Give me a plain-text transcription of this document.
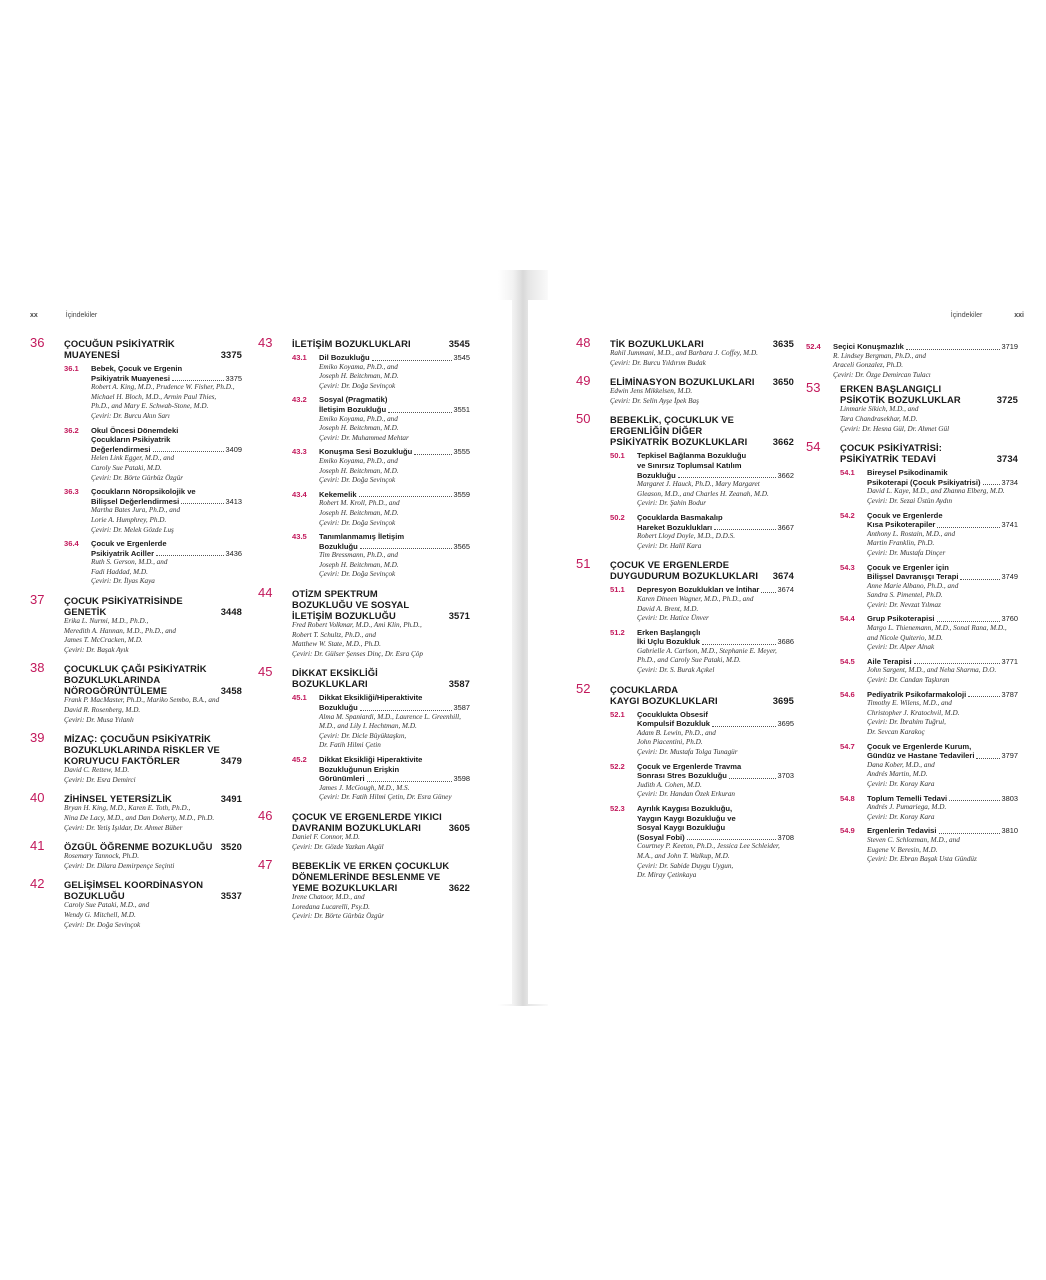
xx	İçindekiler
36 ÇOCUĞUN PSİKİYATRİK
MUAYENESİ	3375
36.1 Bebek, Çocuk ve Ergenin
Psikiyatrik Muayenesi	3375
Robert A. King, M.D., Prudence W. Fisher, Ph.D.,
Michael H. Bloch, M.D., Armin Paul Thies,
Ph.D., and Mary E. Schwab-Stone, M.D.
Çeviri: Dr. Burcu Akın Sarı
36.2 Okul Öncesi Dönemdeki
Çocukların Psikiyatrik
Değerlendirmesi	3409
Helen Link Egger, M.D., and
Caroly Sue Pataki, M.D.
Çeviri: Dr. Börte Gürbüz Özgür
36.3 Çocukların Nöropsikolojik ve
Bilişsel Değerlendirmesi	3413
Martha Bates Jura, Ph.D., and
Lorie A. Humphrey, Ph.D.
Çeviri: Dr. Melek Gözde Luş
36.4 Çocuk ve Ergenlerde
Psikiyatrik Aciller	3436
Ruth S. Gerson, M.D., and
Fadi Haddad, M.D.
Çeviri: Dr. İlyas Kaya
37 ÇOCUK PSİKİYATRİSİNDE GENETİK	3448
Erika L. Nurmi, M.D., Ph.D.,
Meredith A. Hannan, M.D., Ph.D., and
James T. McCracken, M.D.
Çeviri: Dr. Başak Ayık
38 ÇOCUKLUK ÇAĞI PSİKİYATRİK
BOZUKLUKLARINDA
NÖROGÖRÜNTÜLEME	3458
Frank P. MacMaster, Ph.D., Mariko Sembo, B.A., and
David R. Rosenberg, M.D.
Çeviri: Dr. Musa Yılanlı
39 MİZAÇ: ÇOCUĞUN PSİKİYATRİK
BOZUKLUKLARINDA RİSKLER VE
KORUYUCU FAKTÖRLER	3479
David C. Rettew, M.D.
Çeviri: Dr. Esra Demirci
40 ZİHİNSEL YETERSİZLİK	3491
Bryan H. King, M.D., Karen E. Toth, Ph.D.,
Nina De Lacy, M.D., and Dan Doherty, M.D., Ph.D.
Çeviri: Dr. Yetiş Işıldar, Dr. Ahmet Büber
41 ÖZGÜL ÖĞRENME BOZUKLUĞU 3520
Rosemary Tannock, Ph.D.
Çeviri: Dr. Dilara Demirpençe Seçinti
42 GELİŞİMSEL KOORDİNASYON
BOZUKLUĞU	3537
Caroly Sue Pataki, M.D., and
Wendy G. Mitchell, M.D.
Çeviri: Dr. Doğa Sevinçok
43 İLETİŞİM BOZUKLUKLARI	3545
43.1 Dil Bozukluğu	3545
Emiko Koyama, Ph.D., and
Joseph H. Beitchman, M.D.
Çeviri: Dr. Doğa Sevinçok
43.2 Sosyal (Pragmatik)
İletişim Bozukluğu	3551
Emiko Koyama, Ph.D., and
Joseph H. Beitchman, M.D.
Çeviri: Dr. Muhammed Mehtar
43.3 Konuşma Sesi Bozukluğu	3555
Emiko Koyama, Ph.D., and
Joseph H. Beitchman, M.D.
Çeviri: Dr. Doğa Sevinçok
43.4 Kekemelik	3559
Robert M. Kroll, Ph.D., and
Joseph H. Beitchman, M.D.
Çeviri: Dr. Doğa Sevinçok
43.5 Tanımlanmamış İletişim
Bozukluğu	3565
Tim Bressmann, Ph.D., and
Joseph H. Beitchman, M.D.
Çeviri: Dr. Doğa Sevinçok
44 OTİZM SPEKTRUM
BOZUKLUĞU VE SOSYAL
İLETİŞİM BOZUKLUĞU	3571
Fred Robert Volkmar, M.D., Ami Klin, Ph.D.,
Robert T. Schultz, Ph.D., and
Matthew W. State, M.D., Ph.D.
Çeviri: Dr. Gülser Şenses Dinç, Dr. Esra Çöp
45 DİKKAT EKSİKLİĞİ BOZUKLUKLARI	3587
45.1 Dikkat Eksikliği/Hiperaktivite
Bozukluğu	3587
Alma M. Spaniardi, M.D., Laurence L. Greenhill,
M.D., and Lily I. Hechtman, M.D.
Çeviri: Dr. Dicle Büyüktaşkın,
Dr. Fatih Hilmi Çetin
45.2 Dikkat Eksikliği Hiperaktivite
Bozukluğunun Erişkin
Görünümleri	3598
James J. McGough, M.D., M.S.
Çeviri: Dr. Fatih Hilmi Çetin, Dr. Esra Güney
46 ÇOCUK VE ERGENLERDE YIKICI
DAVRANIM BOZUKLUKLARI	3605
Daniel F. Connor, M.D.
Çeviri: Dr. Gözde Yazkan Akgül
47 BEBEKLİK VE ERKEN ÇOCUKLUK
DÖNEMLERİNDE BESLENME VE
YEME BOZUKLUKLARI	3622
Irene Chatoor, M.D., and
Loredana Lucarelli, Psy.D.
Çeviri: Dr. Börte Gürbüz Özgür
İçindekiler	xxi
48 TİK BOZUKLUKLARI	3635
Rahil Jummani, M.D., and Barbara J. Coffey, M.D.
Çeviri: Dr. Burcu Yıldırım Budak
49 ELİMİNASYON BOZUKLUKLARI 3650
Edwin Jens Mikkelsen, M.D.
Çeviri: Dr. Selin Ayşe İpek Baş
50 BEBEKLİK, ÇOCUKLUK VE
ERGENLİĞİN DİĞER
PSİKİYATRİK BOZUKLUKLARI	3662
50.1 Tepkisel Bağlanma Bozukluğu
ve Sınırsız Toplumsal Katılım
Bozukluğu	3662
Margaret J. Hauck, Ph.D., Mary Margaret
Gleason, M.D., and Charles H. Zeanah, M.D.
Çeviri: Dr. Şahin Bodur
50.2 Çocuklarda Basmakalıp
Hareket Bozuklukları	3667
Robert Lloyd Doyle, M.D., D.D.S.
Çeviri: Dr. Halil Kara
51 ÇOCUK VE ERGENLERDE
DUYGUDURUM BOZUKLUKLARI 3674
51.1 Depresyon Bozuklukları ve İntihar 3674
Karen Dineen Wagner, M.D., Ph.D., and
David A. Brent, M.D.
Çeviri: Dr. Hatice Ünver
51.2 Erken Başlangıçlı
İki Uçlu Bozukluk	3686
Gabrielle A. Carlson, M.D., Stephanie E. Meyer,
Ph.D., and Caroly Sue Pataki, M.D.
Çeviri: Dr. S. Burak Açıkel
52 ÇOCUKLARDA
KAYGI BOZUKLUKLARI	3695
52.1 Çocuklukta Obsesif
Kompulsif Bozukluk	3695
Adam B. Lewin, Ph.D., and
John Piacentini, Ph.D.
Çeviri: Dr. Mustafa Tolga Tunagür
52.2 Çocuk ve Ergenlerde Travma
Sonrası Stres Bozukluğu	3703
Judith A. Cohen, M.D.
Çeviri: Dr. Handan Özek Erkuran
52.3 Ayrılık Kaygısı Bozukluğu,
Yaygın Kaygı Bozukluğu ve
Sosyal Kaygı Bozukluğu
(Sosyal Fobi)	3708
Courtney P. Keeton, Ph.D., Jessica Lee Schleider,
M.A., and John T. Walkup, M.D.
Çeviri: Dr. Sabide Duygu Uygun,
Dr. Miray Çetinkaya
52.4 Seçici Konuşmazlık	3719
R. Lindsey Bergman, Ph.D., and
Araceli Gonzalez, Ph.D.
Çeviri: Dr. Özge Demircan Tulacı
53 ERKEN BAŞLANGIÇLI
PSİKOTİK BOZUKLUKLAR	3725
Linmarie Sikich, M.D., and
Tara Chandrasekhar, M.D.
Çeviri: Dr. Hesna Gül, Dr. Ahmet Gül
54 ÇOCUK PSİKİYATRİSİ:
PSİKİYATRİK TEDAVİ	3734
54.1 Bireysel Psikodinamik
Psikoterapi (Çocuk Psikiyatrisi)	3734
David L. Kaye, M.D., and Zhanna Elberg, M.D.
Çeviri: Dr. Sezai Üstün Aydın
54.2 Çocuk ve Ergenlerde
Kısa Psikoterapiler	3741
Anthony L. Rostain, M.D., and
Martin Franklin, Ph.D.
Çeviri: Dr. Mustafa Dinçer
54.3 Çocuk ve Ergenler için
Bilişsel Davranışçı Terapi	3749
Anne Marie Albano, Ph.D., and
Sandra S. Pimentel, Ph.D.
Çeviri: Dr. Nevzat Yılmaz
54.4 Grup Psikoterapisi	3760
Margo L. Thienemann, M.D., Sonal Rana, M.D.,
and Nicole Quiterio, M.D.
Çeviri: Dr. Alper Alnak
54.5 Aile Terapisi	3771
John Sargent, M.D., and Neha Sharma, D.O.
Çeviri: Dr. Candan Taşkıran
54.6 Pediyatrik Psikofarmakoloji	3787
Timothy E. Wilens, M.D., and
Christopher J. Kratochvil, M.D.
Çeviri: Dr. İbrahim Tuğrul,
Dr. Sevcan Karakoç
54.7 Çocuk ve Ergenlerde Kurum,
Gündüz ve Hastane Tedavileri	3797
Dana Kober, M.D., and
Andrés Martin, M.D.
Çeviri: Dr. Koray Kara
54.8 Toplum Temelli Tedavi	3803
Andrés J. Pumariega, M.D.
Çeviri: Dr. Koray Kara
54.9 Ergenlerin Tedavisi	3810
Steven C. Schlozman, M.D., and
Eugene V. Beresin, M.D.
Çeviri: Dr. Ebran Başak Usta Gündüz
